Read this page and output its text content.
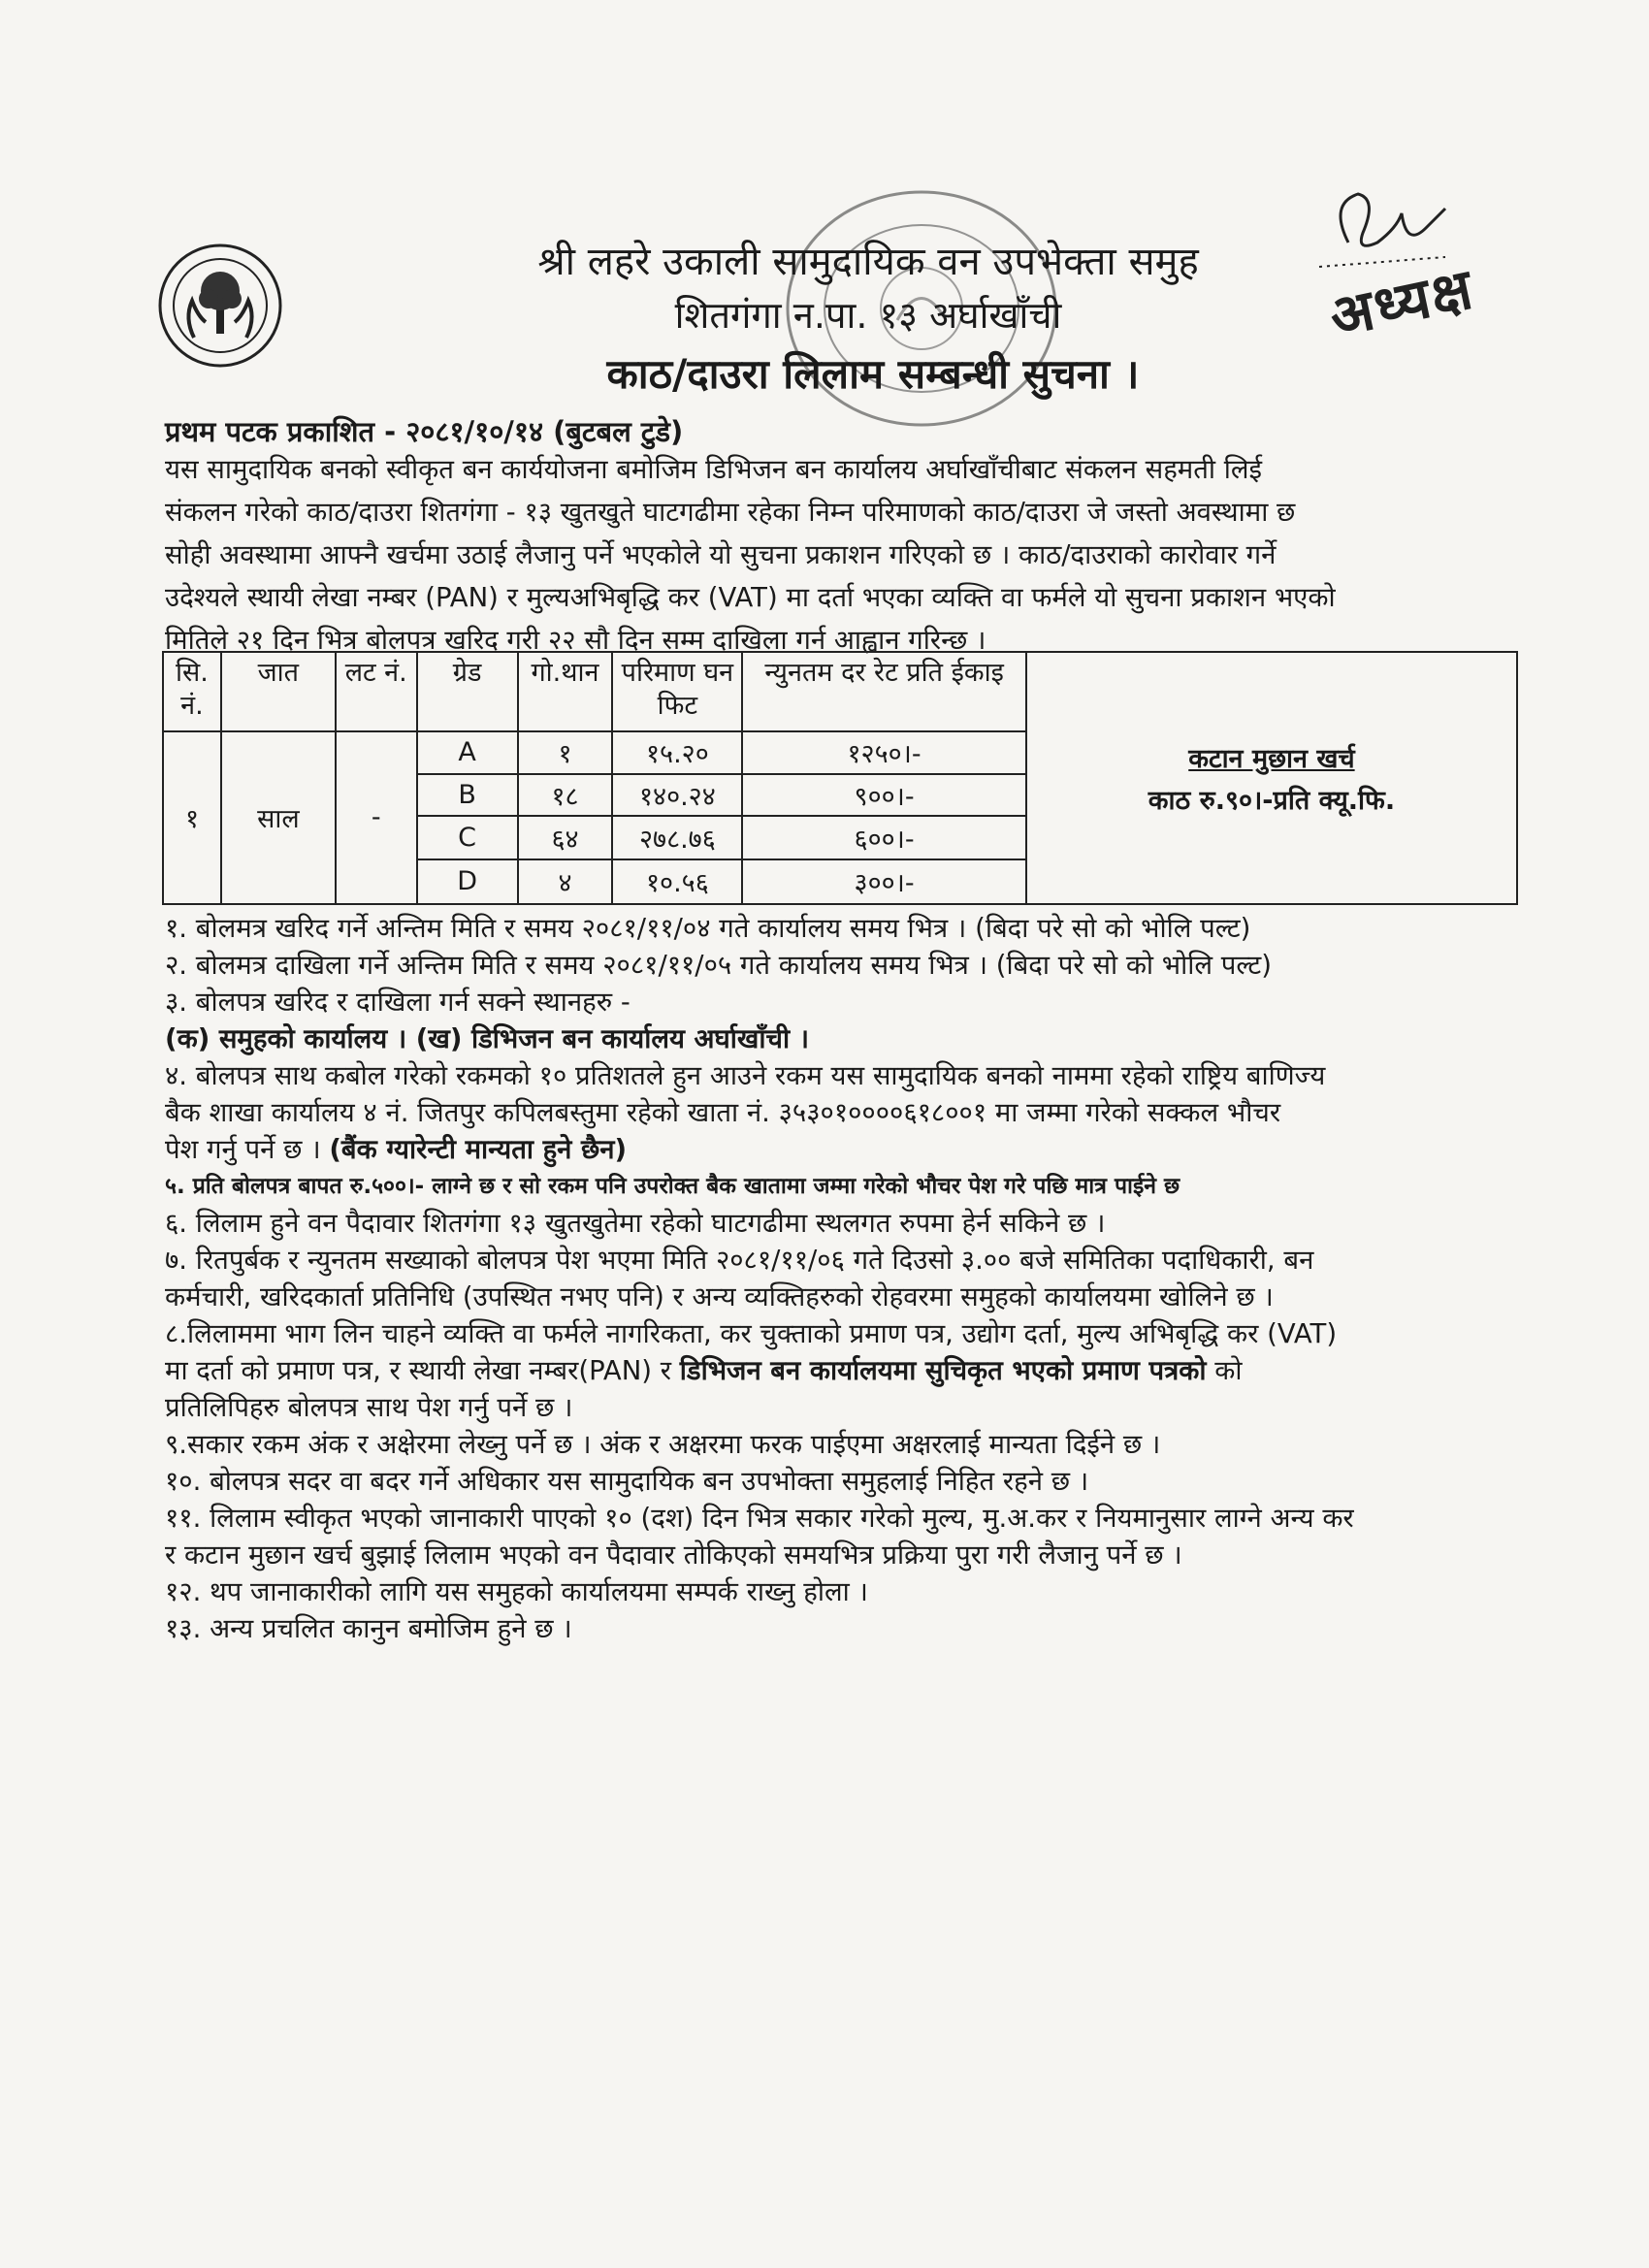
अध्यक्ष
श्री लहरे उकाली सामुदायिक वन उपभेक्ता समुह
शितगंगा न.पा. १३ अर्घाखाँची
काठ/दाउरा लिलाम सम्बन्धी सुचना ।
प्रथम पटक प्रकाशित - २०८१/१०/१४ (बुटबल टुडे)
यस सामुदायिक बनको स्वीकृत बन कार्ययोजना बमोजिम डिभिजन बन कार्यालय अर्घाखाँचीबाट संकलन सहमती लिई
संकलन गरेको काठ/दाउरा शितगंगा - १३ खुतखुते घाटगढीमा रहेका निम्न परिमाणको काठ/दाउरा जे जस्तो अवस्थामा छ
सोही अवस्थामा आफ्नै खर्चमा उठाई लैजानु पर्ने भएकोले यो सुचना प्रकाशन गरिएको छ । काठ/दाउराको कारोवार गर्ने
उदेश्यले स्थायी लेखा नम्बर (PAN) र मुल्यअभिबृद्धि कर (VAT) मा दर्ता भएका व्यक्ति वा फर्मले यो सुचना प्रकाशन भएको
मितिले २१ दिन भित्र बोलपत्र खरिद गरी २२ सौ दिन सम्म दाखिला गर्न आह्वान गरिन्छ ।
सि. नं.	जात	लट नं.	ग्रेड	गो.थान	परिमाण घन फिट	न्युनतम दर रेट प्रति ईकाइ	कटान मुछान खर्च
काठ रु.९०।-प्रति क्यू.फि.

१	साल	-	A	१	१५.२०	१२५०।-	
			B	१८	१४०.२४	९००।-	
			C	६४	२७८.७६	६००।-	
			D	४	१०.५६	३००।-	
१. बोलमत्र खरिद गर्ने अन्तिम मिति र समय २०८१/११/०४ गते कार्यालय समय भित्र । (बिदा परे सो को भोलि पल्ट)
२. बोलमत्र दाखिला गर्ने अन्तिम मिति र समय २०८१/११/०५ गते कार्यालय समय भित्र । (बिदा परे सो को भोलि पल्ट)
३. बोलपत्र खरिद र दाखिला गर्न सक्ने स्थानहरु -
(क) समुहको कार्यालय । (ख) डिभिजन बन कार्यालय अर्घाखाँची ।
४. बोलपत्र साथ कबोल गरेको रकमको १० प्रतिशतले हुन आउने रकम यस सामुदायिक बनको नाममा रहेको राष्ट्रिय बाणिज्य
बैक शाखा कार्यालय ४ नं. जितपुर कपिलबस्तुमा रहेको खाता नं. ३५३०१००००६१८००१ मा जम्मा गरेको सक्कल भौचर
पेश गर्नु पर्ने छ । (बैंक ग्यारेन्टी मान्यता हुने छैन)
५. प्रति बोलपत्र बापत रु.५००।- लाग्ने छ र सो रकम पनि उपरोक्त बैक खातामा जम्मा गरेको भौचर पेश गरे पछि मात्र पाईने छ
६. लिलाम हुने वन पैदावार शितगंगा १३ खुतखुतेमा रहेको घाटगढीमा स्थलगत रुपमा हेर्न सकिने छ ।
७. रितपुर्बक र न्युनतम सख्याको बोलपत्र पेश भएमा मिति २०८१/११/०६ गते दिउसो ३.०० बजे समितिका पदाधिकारी, बन
कर्मचारी, खरिदकार्ता प्रतिनिधि (उपस्थित नभए पनि) र अन्य व्यक्तिहरुको रोहवरमा समुहको कार्यालयमा खोलिने छ ।
८.लिलाममा भाग लिन चाहने व्यक्ति वा फर्मले नागरिकता, कर चुक्ताको प्रमाण पत्र, उद्योग दर्ता, मुल्य अभिबृद्धि कर (VAT)
मा दर्ता को प्रमाण पत्र, र स्थायी लेखा नम्बर(PAN) र डिभिजन बन कार्यालयमा सुचिकृत भएको प्रमाण पत्रको को
प्रतिलिपिहरु बोलपत्र साथ पेश गर्नु पर्ने छ ।
९.सकार रकम अंक र अक्षेरमा लेख्नु पर्ने छ । अंक र अक्षरमा फरक पाईएमा अक्षरलाई मान्यता दिईने छ ।
१०. बोलपत्र सदर वा बदर गर्ने अधिकार यस सामुदायिक बन उपभोक्ता समुहलाई निहित रहने छ ।
११. लिलाम स्वीकृत भएको जानाकारी पाएको १० (दश) दिन भित्र सकार गरेको मुल्य, मु.अ.कर र नियमानुसार लाग्ने अन्य कर
र कटान मुछान खर्च बुझाई लिलाम भएको वन पैदावार तोकिएको समयभित्र प्रक्रिया पुरा गरी लैजानु पर्ने छ ।
१२. थप जानाकारीको लागि यस समुहको कार्यालयमा सम्पर्क राख्नु होला ।
१३. अन्य प्रचलित कानुन बमोजिम हुने छ ।
